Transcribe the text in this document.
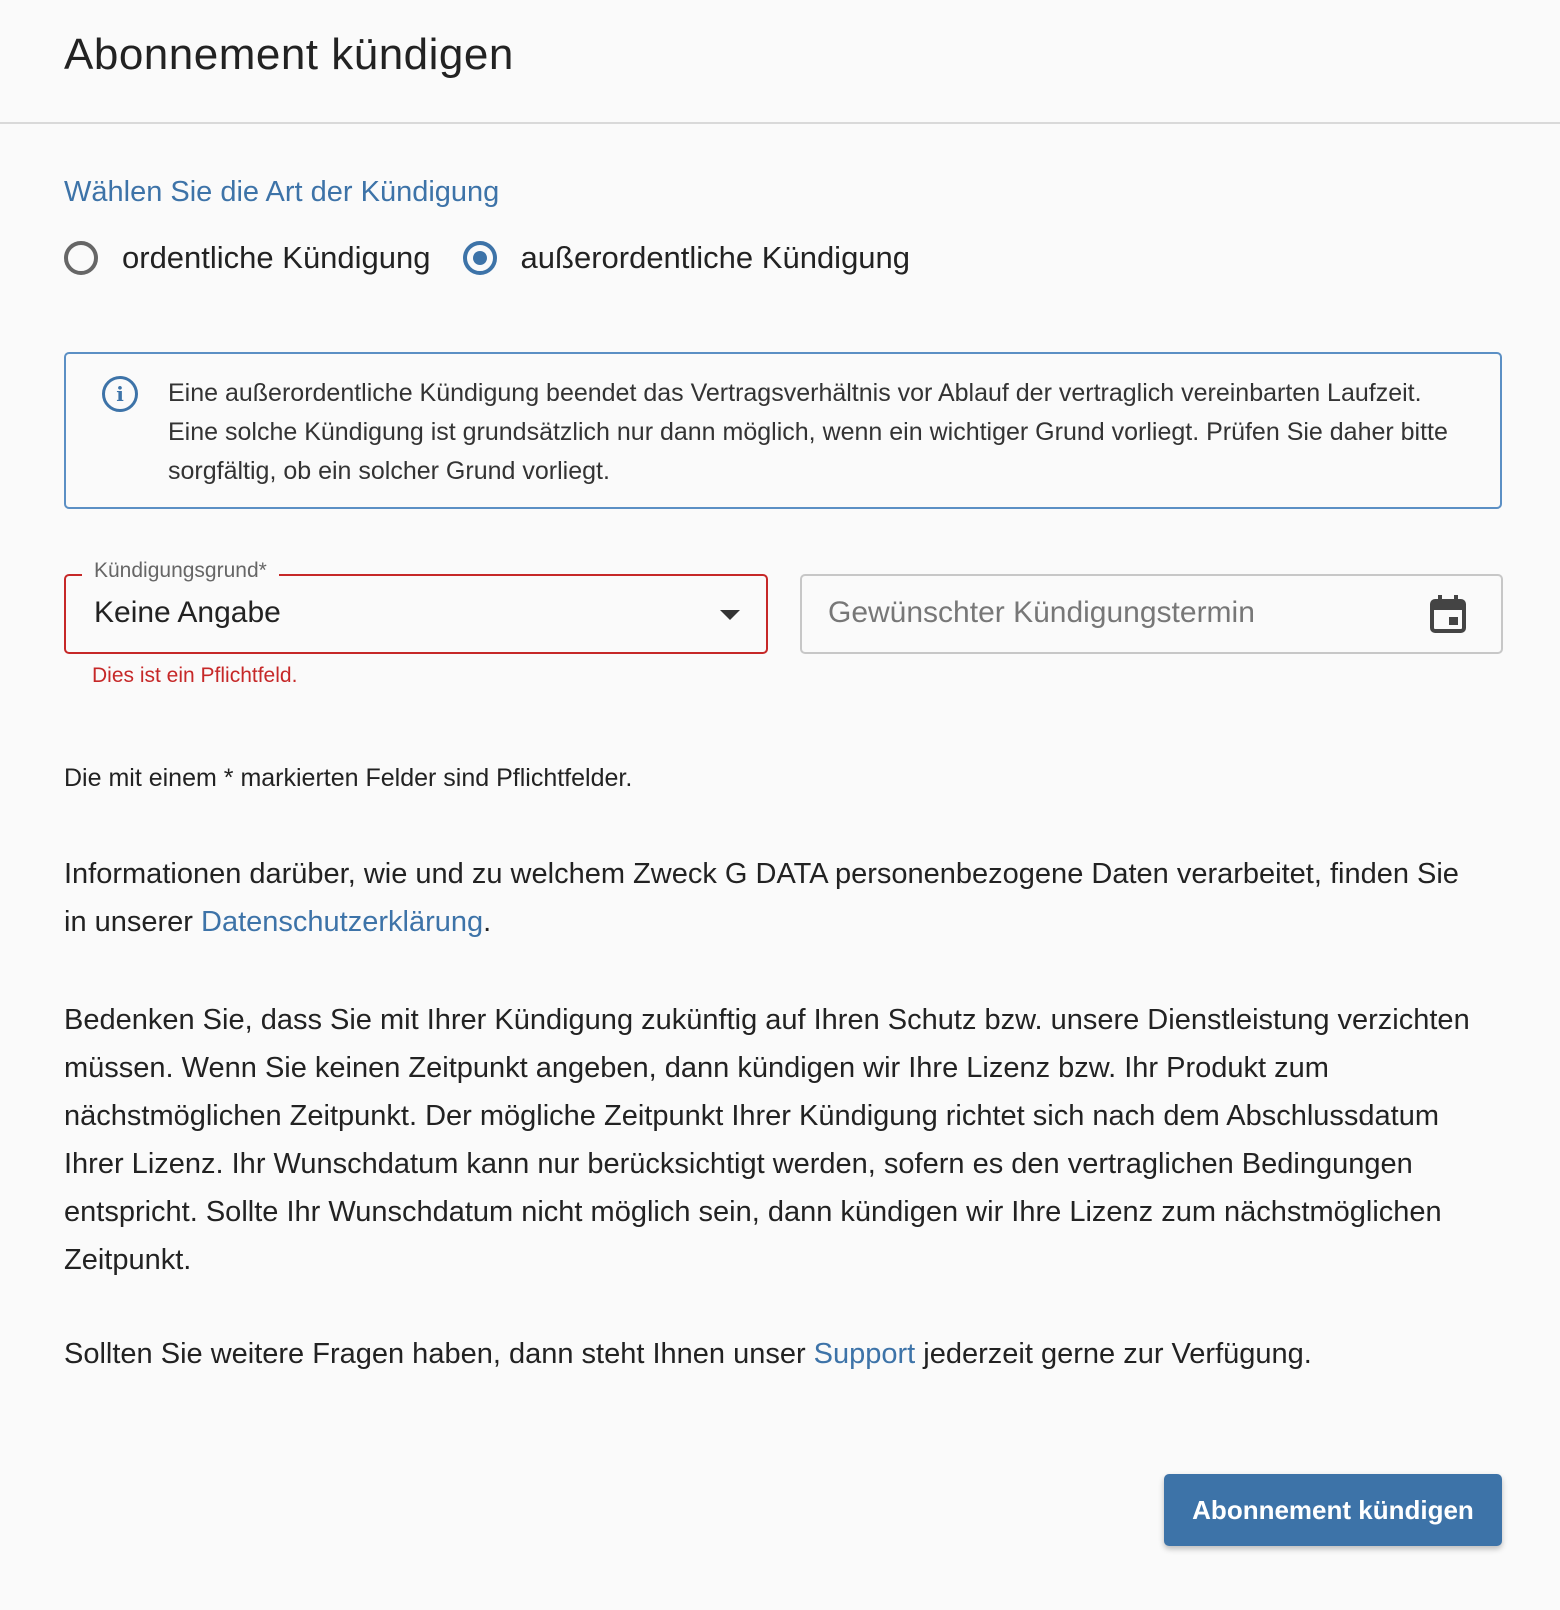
Abonnement kündigen
Wählen Sie die Art der Kündigung
ordentliche Kündigung	außerordentliche Kündigung
i	Eine außerordentliche Kündigung beendet das Vertragsverhältnis vor Ablauf der vertraglich vereinbarten Laufzeit. Eine solche Kündigung ist grundsätzlich nur dann möglich, wenn ein wichtiger Grund vorliegt. Prüfen Sie daher bitte sorgfältig, ob ein solcher Grund vorliegt.
Kündigungsgrund*
Keine Angabe
Dies ist ein Pflichtfeld.
Gewünschter Kündigungstermin
Die mit einem * markierten Felder sind Pflichtfelder.
Informationen darüber, wie und zu welchem Zweck G DATA personenbezogene Daten verarbeitet, finden Sie in unserer Datenschutzerklärung.
Bedenken Sie, dass Sie mit Ihrer Kündigung zukünftig auf Ihren Schutz bzw. unsere Dienstleistung verzichten müssen. Wenn Sie keinen Zeitpunkt angeben, dann kündigen wir Ihre Lizenz bzw. Ihr Produkt zum nächstmöglichen Zeitpunkt. Der mögliche Zeitpunkt Ihrer Kündigung richtet sich nach dem Abschlussdatum Ihrer Lizenz. Ihr Wunschdatum kann nur berücksichtigt werden, sofern es den vertraglichen Bedingungen entspricht. Sollte Ihr Wunschdatum nicht möglich sein, dann kündigen wir Ihre Lizenz zum nächstmöglichen Zeitpunkt.
Sollten Sie weitere Fragen haben, dann steht Ihnen unser Support jederzeit gerne zur Verfügung.
Abonnement kündigen
